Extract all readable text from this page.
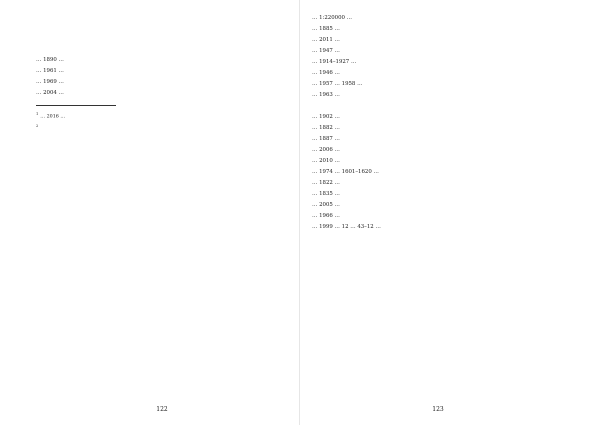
… 1890 …

… 1961 …

… 1969 …

… 2004 …

$^1$… 2016 …

$^2$

122

… 1:220000 …

… 1885 …

… 2011 …

… 1947 …

… 1914–1927 …

… 1946 …

… 1957 … 1958 …

… 1963 …

… 1902 …

… 1882 …

… 1887 …

… 2006 …

… 2010 …

… 1974 … 1601–1620 …

… 1822 …

… 1835 …

… 2005 …

… 1966 …

… 1999 … 12 … 43–12 …

123
